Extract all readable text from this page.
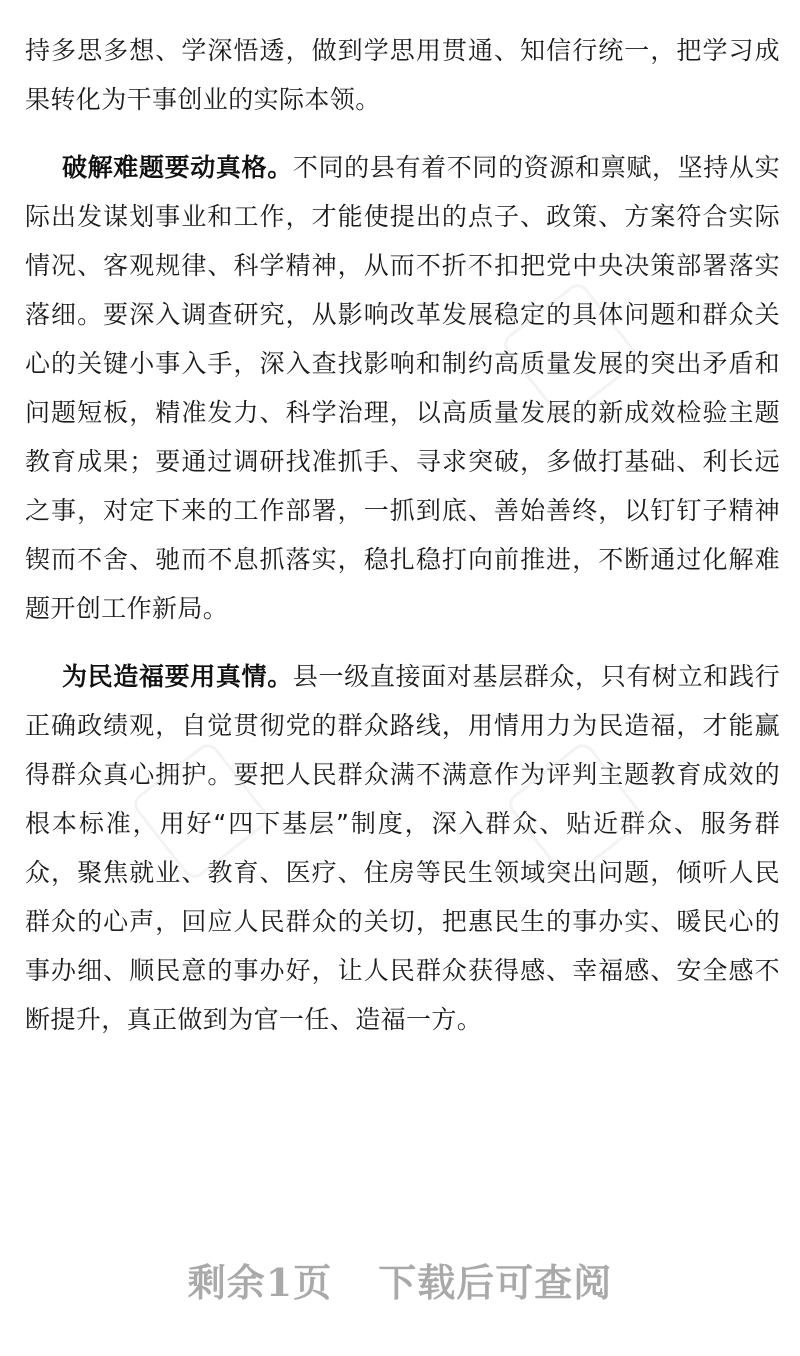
持多思多想、学深悟透，做到学思用贯通、知信行统一，把学习成果转化为干事创业的实际本领。

破解难题要动真格。不同的县有着不同的资源和禀赋，坚持从实际出发谋划事业和工作，才能使提出的点子、政策、方案符合实际情况、客观规律、科学精神，从而不折不扣把党中央决策部署落实落细。要深入调查研究，从影响改革发展稳定的具体问题和群众关心的关键小事入手，深入查找影响和制约高质量发展的突出矛盾和问题短板，精准发力、科学治理，以高质量发展的新成效检验主题教育成果；要通过调研找准抓手、寻求突破，多做打基础、利长远之事，对定下来的工作部署，一抓到底、善始善终，以钉钉子精神锲而不舍、驰而不息抓落实，稳扎稳打向前推进，不断通过化解难题开创工作新局。

为民造福要用真情。县一级直接面对基层群众，只有树立和践行正确政绩观，自觉贯彻党的群众路线，用情用力为民造福，才能赢得群众真心拥护。要把人民群众满不满意作为评判主题教育成效的根本标准，用好“四下基层”制度，深入群众、贴近群众、服务群众，聚焦就业、教育、医疗、住房等民生领域突出问题，倾听人民群众的心声，回应人民群众的关切，把惠民生的事办实、暖民心的事办细、顺民意的事办好，让人民群众获得感、幸福感、安全感不断提升，真正做到为官一任、造福一方。

剩余1页 下载后可查阅
